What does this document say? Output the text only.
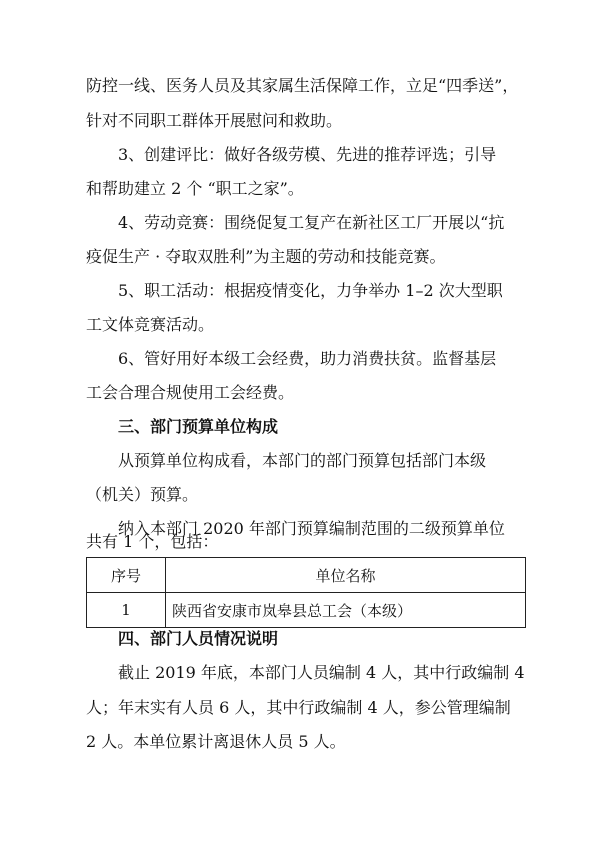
防控一线、医务人员及其家属生活保障工作，立足“四季送”，
针对不同职工群体开展慰问和救助。
3、创建评比：做好各级劳模、先进的推荐评选；引导
和帮助建立 2 个 “职工之家”。
4、劳动竞赛：围绕促复工复产在新社区工厂开展以“抗
疫促生产 · 夺取双胜利”为主题的劳动和技能竞赛。
5、职工活动：根据疫情变化，力争举办 1–2 次大型职
工文体竞赛活动。
6、管好用好本级工会经费，助力消费扶贫。监督基层
工会合理合规使用工会经费。
三、部门预算单位构成
从预算单位构成看，本部门的部门预算包括部门本级
（机关）预算。
纳入本部门 2020 年部门预算编制范围的二级预算单位
共有 1 个，包括：
序号	单位名称
1	陕西省安康市岚皋县总工会（本级）
四、部门人员情况说明
截止 2019 年底，本部门人员编制 4 人，其中行政编制 4
人；年末实有人员 6 人，其中行政编制 4 人，参公管理编制
2 人。本单位累计离退休人员 5 人。
